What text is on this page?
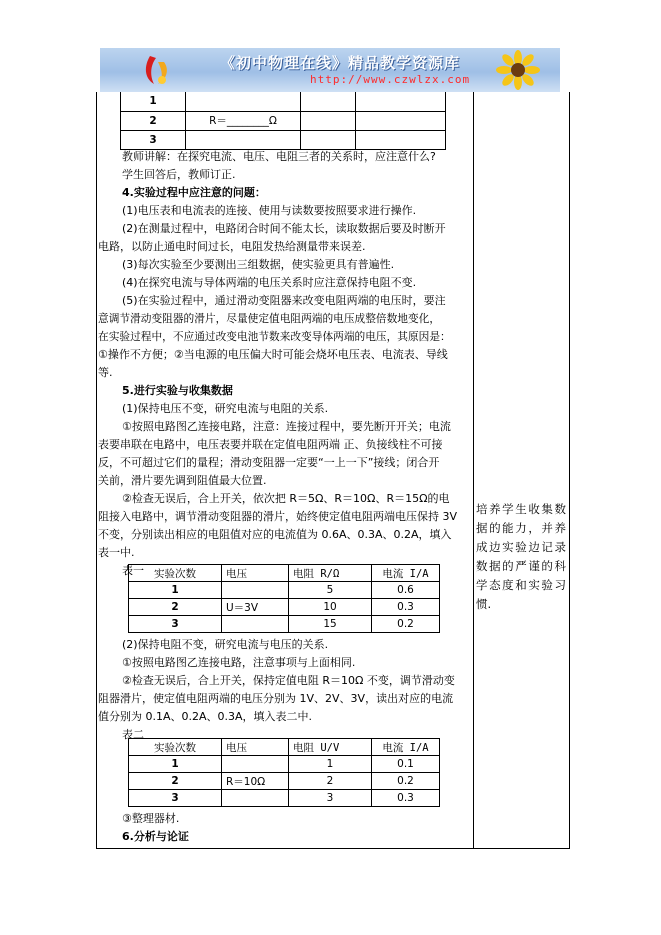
《初中物理在线》精品教学资源库
http://www.czwlzx.com
1			
2	R＝________Ω		
3			
教师讲解：在探究电流、电压、电阻三者的关系时，应注意什么?
学生回答后，教师订正.
4.实验过程中应注意的问题：
(1)电压表和电流表的连接、使用与读数要按照要求进行操作.
(2)在测量过程中，电路闭合时间不能太长，读取数据后要及时断开
电路，以防止通电时间过长，电阻发热给测量带来误差.
(3)每次实验至少要测出三组数据，使实验更具有普遍性.
(4)在探究电流与导体两端的电压关系时应注意保持电阻不变.
(5)在实验过程中，通过滑动变阻器来改变电阻两端的电压时，要注
意调节滑动变阻器的滑片，尽量使定值电阻两端的电压成整倍数地变化，
在实验过程中，不应通过改变电池节数来改变导体两端的电压，其原因是：
①操作不方便；②当电源的电压偏大时可能会烧坏电压表、电流表、导线
等.
5.进行实验与收集数据
(1)保持电压不变，研究电流与电阻的关系.
①按照电路图乙连接电路，注意：连接过程中，要先断开开关；电流
表要串联在电路中，电压表要并联在定值电阻两端 正、负接线柱不可接
反，不可超过它们的量程；滑动变阻器一定要“一上一下”接线；闭合开
关前，滑片要先调到阻值最大位置.
②检查无误后，合上开关，依次把 R＝5Ω、R＝10Ω、R＝15Ω的电
阻接入电路中，调节滑动变阻器的滑片，始终使定值电阻两端电压保持 3V
不变，分别读出相应的电阻值对应的电流值为 0.6A、0.3A、0.2A，填入
表一中.
表一 实验次数	电压	电阻 R/Ω	电流 I/A
1		5	0.6
2	U＝3V	10	0.3
3		15	0.2
(2)保持电阻不变，研究电流与电压的关系.
①按照电路图乙连接电路，注意事项与上面相同.
②检查无误后，合上开关，保持定值电阻 R＝10Ω 不变，调节滑动变
阻器滑片，使定值电阻两端的电压分别为 1V、2V、3V，读出对应的电流
值分别为 0.1A、0.2A、0.3A，填入表二中.
表二
实验次数	电压	电阻 U/V	电流 I/A
1		1	0.1
2	R＝10Ω	2	0.2
3		3	0.3
③整理器材.
6.分析与论证
培养学生收集数据的能力，并养成边实验边记录数据的严谨的科学态度和实验习惯.
